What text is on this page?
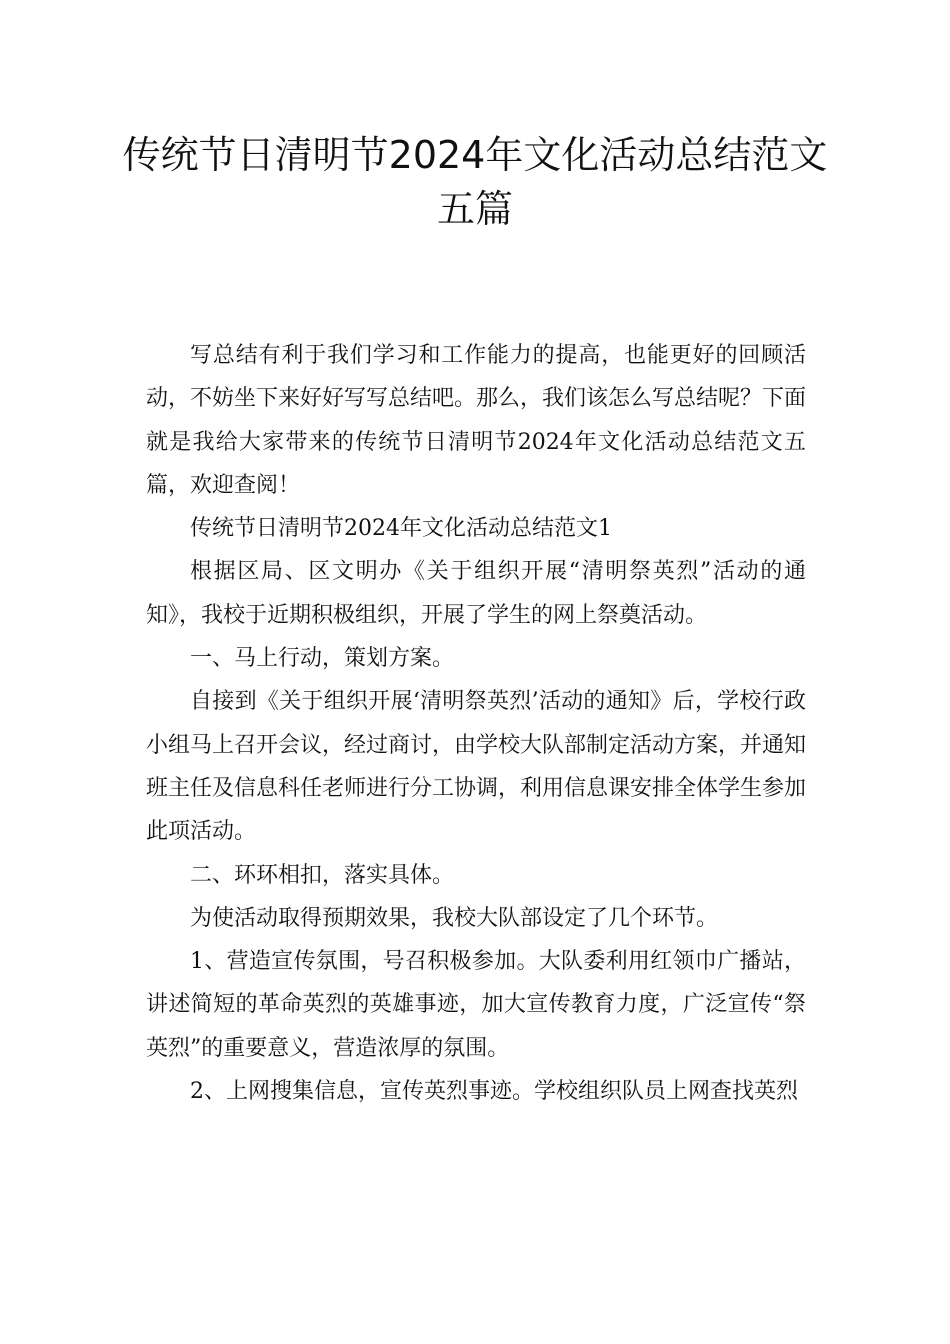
传统节日清明节2024年文化活动总结范文五篇

写总结有利于我们学习和工作能力的提高，也能更好的回顾活动，不妨坐下来好好写写总结吧。那么，我们该怎么写总结呢？下面就是我给大家带来的传统节日清明节2024年文化活动总结范文五篇，欢迎查阅！

传统节日清明节2024年文化活动总结范文1

根据区局、区文明办《关于组织开展“清明祭英烈”活动的通知》，我校于近期积极组织，开展了学生的网上祭奠活动。

一、马上行动，策划方案。

自接到《关于组织开展‘清明祭英烈’活动的通知》后，学校行政小组马上召开会议，经过商讨，由学校大队部制定活动方案，并通知班主任及信息科任老师进行分工协调，利用信息课安排全体学生参加此项活动。

二、环环相扣，落实具体。

为使活动取得预期效果，我校大队部设定了几个环节。

1、营造宣传氛围，号召积极参加。大队委利用红领巾广播站，讲述简短的革命英烈的英雄事迹，加大宣传教育力度，广泛宣传“祭英烈”的重要意义，营造浓厚的氛围。

2、上网搜集信息，宣传英烈事迹。学校组织队员上网查找英烈
